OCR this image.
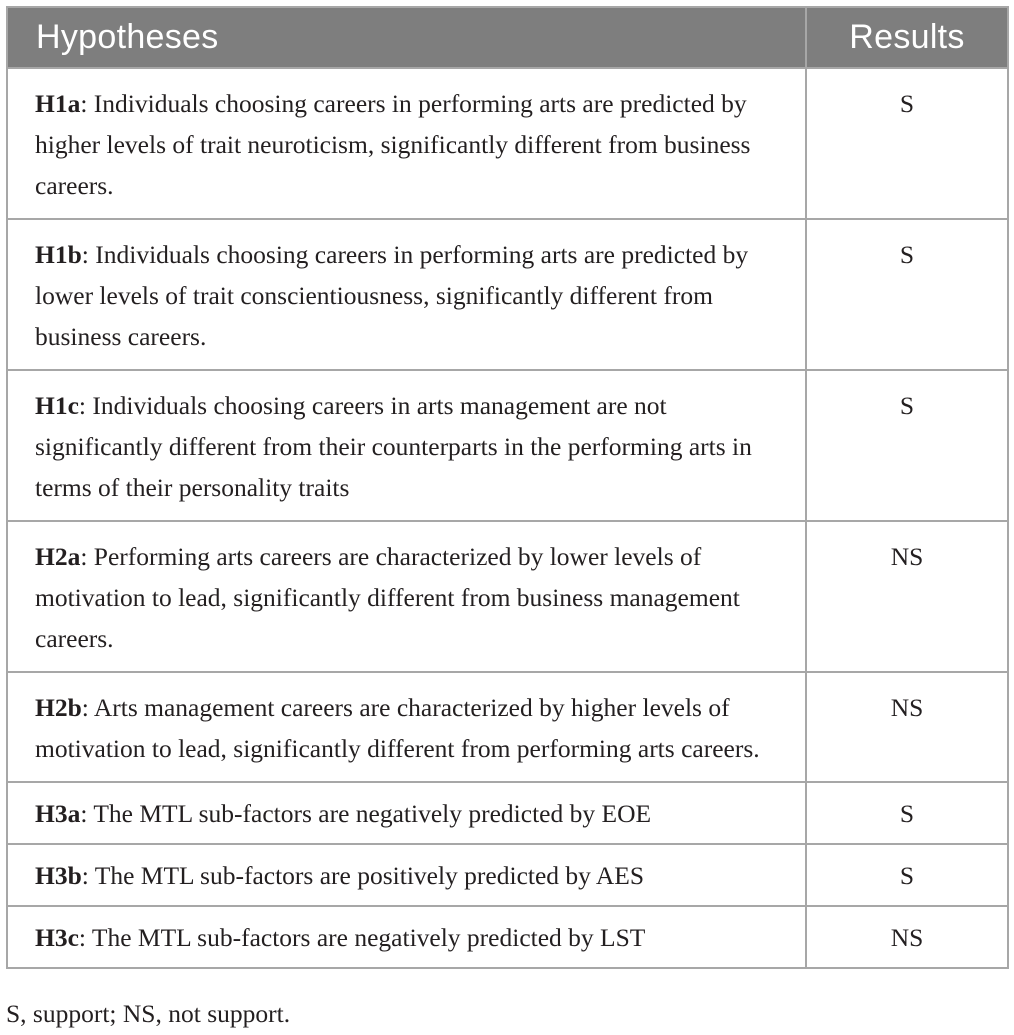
Hypotheses	Results
H1a: Individuals choosing careers in performing arts are predicted by higher levels of trait neuroticism, significantly different from business careers.	S
H1b: Individuals choosing careers in performing arts are predicted by lower levels of trait conscientiousness, significantly different from business careers.	S
H1c: Individuals choosing careers in arts management are not significantly different from their counterparts in the performing arts in terms of their personality traits	S
H2a: Performing arts careers are characterized by lower levels of motivation to lead, significantly different from business management careers.	NS
H2b: Arts management careers are characterized by higher levels of motivation to lead, significantly different from performing arts careers.	NS
H3a: The MTL sub-factors are negatively predicted by EOE	S
H3b: The MTL sub-factors are positively predicted by AES	S
H3c: The MTL sub-factors are negatively predicted by LST	NS
S, support; NS, not support.
